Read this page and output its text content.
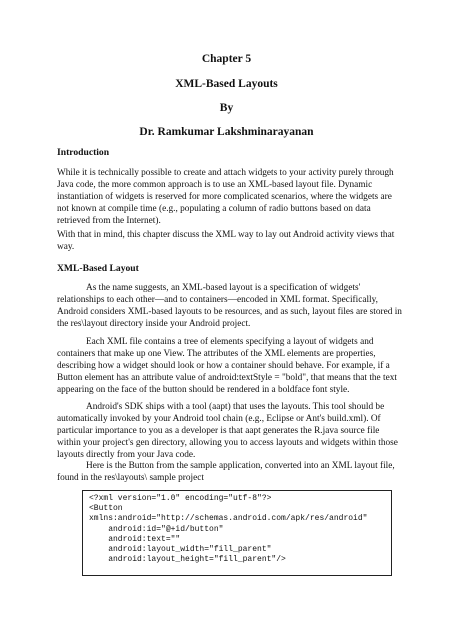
Chapter 5
XML-Based Layouts
By
Dr. Ramkumar Lakshminarayanan
Introduction

While it is technically possible to create and attach widgets to your activity purely through Java code, the more common approach is to use an XML-based layout file. Dynamic instantiation of widgets is reserved for more complicated scenarios, where the widgets are not known at compile time (e.g., populating a column of radio buttons based on data retrieved from the Internet).

With that in mind, this chapter discuss the XML way to lay out Android activity views that way.

XML-Based Layout

As the name suggests, an XML-based layout is a specification of widgets' relationships to each other—and to containers—encoded in XML format. Specifically, Android considers XML-based layouts to be resources, and as such, layout files are stored in the res\layout directory inside your Android project.

Each XML file contains a tree of elements specifying a layout of widgets and containers that make up one View. The attributes of the XML elements are properties, describing how a widget should look or how a container should behave. For example, if a Button element has an attribute value of android:textStyle = "bold", that means that the text appearing on the face of the button should be rendered in a boldface font style.

Android's SDK ships with a tool (aapt) that uses the layouts. This tool should be automatically invoked by your Android tool chain (e.g., Eclipse or Ant's build.xml). Of particular importance to you as a developer is that aapt generates the R.java source file within your project's gen directory, allowing you to access layouts and widgets within those layouts directly from your Java code.

Here is the Button from the sample application, converted into an XML layout file, found in the res\layouts\ sample project

<?xml version="1.0" encoding="utf-8"?>
<Button
xmlns:android="http://schemas.android.com/apk/res/android"
android:id="@+id/button"
android:text=""
android:layout_width="fill_parent"
android:layout_height="fill_parent"/>
